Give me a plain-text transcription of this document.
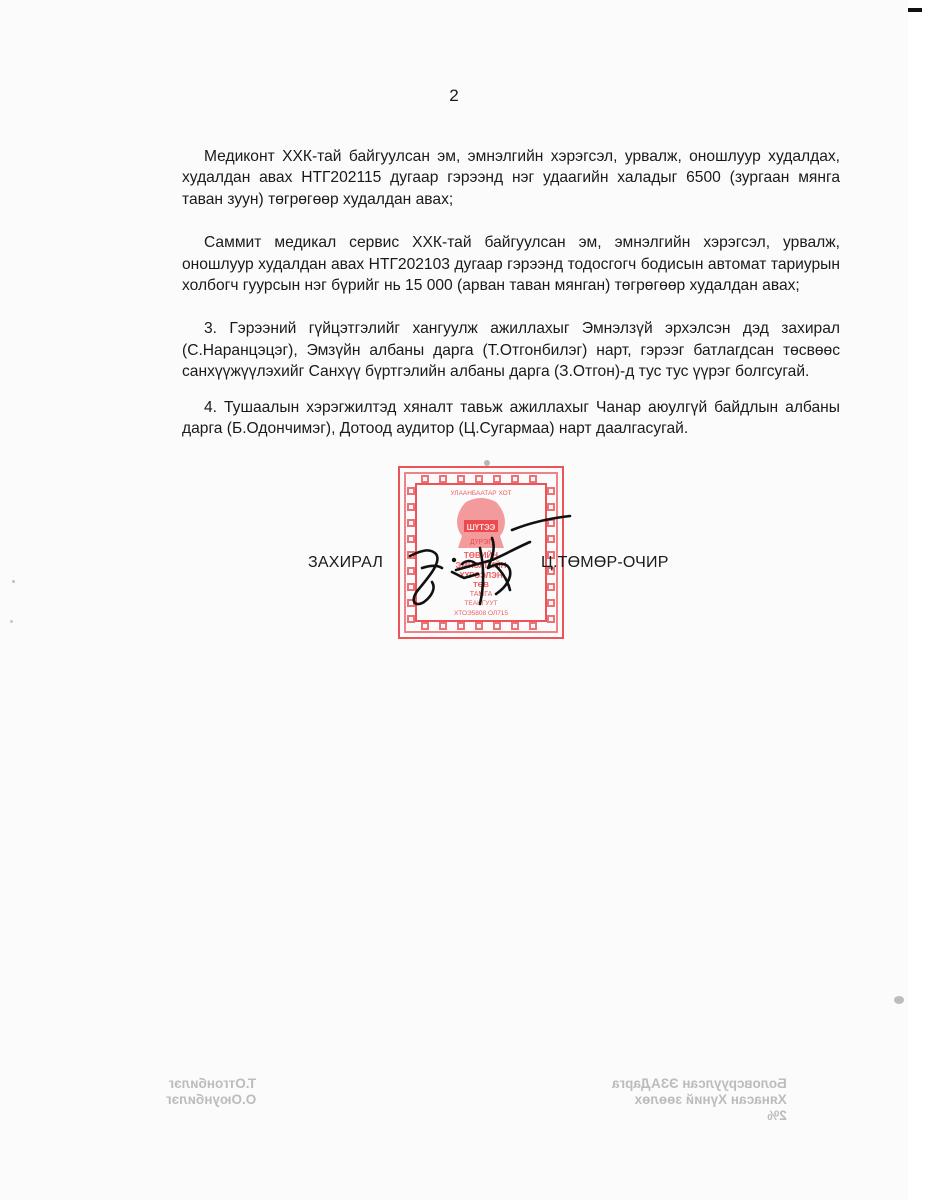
2

Медиконт ХХК-тай байгуулсан эм, эмнэлгийн хэрэгсэл, урвалж, оношлуур худалдах, худалдан авах НТГ202115 дугаар гэрээнд нэг удаагийн халадыг 6500 (зургаан мянга таван зуун) төгрөгөөр худалдан авах;

Саммит медикал сервис ХХК-тай байгуулсан эм, эмнэлгийн хэрэгсэл, урвалж, оношлуур худалдан авах НТГ202103 дугаар гэрээнд тодосгогч бодисын автомат тариурын холбогч гуурсын нэг бүрийг нь 15 000 (арван таван мянган) төгрөгөөр худалдан авах;

3. Гэрээний гүйцэтгэлийг хангуулж ажиллахыг Эмнэлзүй эрхэлсэн дэд захирал (С.Наранцэцэг), Эмзүйн албаны дарга (Т.Отгонбилэг) нарт, гэрээг батлагдсан төсвөөс санхүүжүүлэхийг Санхүү бүртгэлийн албаны дарга (З.Отгон)-д тус тус үүрэг болгсугай.

4. Тушаалын хэрэгжилтэд хяналт тавьж ажиллахыг Чанар аюулгүй байдлын албаны дарга (Б.Одончимэг), Дотоод аудитор (Ц.Сугармаа) нарт даалгасугай.

УЛААНБААТАР ХОТ
ШҮТЭЭ
ДҮРЭГ
ТӨВИЙН
ЭМНЭЛГИЙН
ХҮРЭЭЛЭН
ТӨВ
ТАМГА
ТЕАНГУУТ
ХТОЭ5808 ОЛ715
ЗАХИРАЛ	Ц.ТӨМӨР-ОЧИР
Боловсруулсан ЭЗАДарга
Хянасан Хүний зөөлөх
2%
Т.Отгонбилэг
О.Оюунбилэг
